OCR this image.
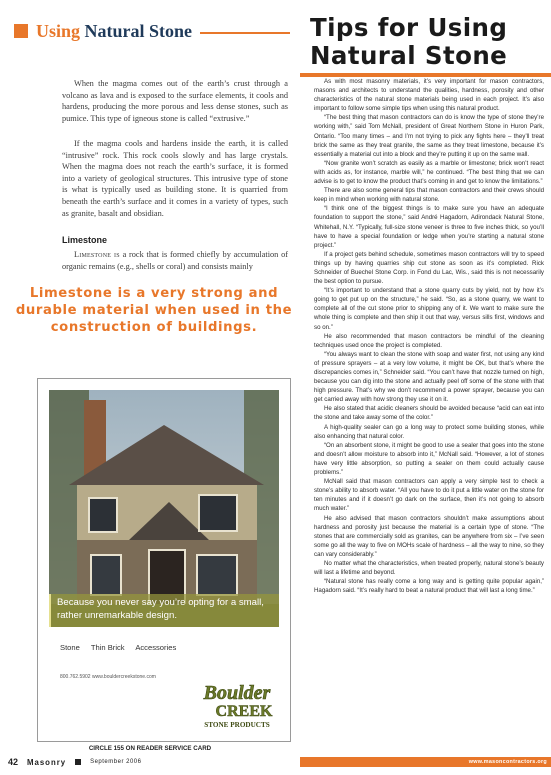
Using Natural Stone

When the magma comes out of the earth’s crust through a volcano as lava and is exposed to the surface elements, it cools and hardens, producing the more porous and less dense stones, such as pumice. This type of igneous stone is called “extrusive.”

If the magma cools and hardens inside the earth, it is called “intrusive” rock. This rock cools slowly and has large crystals. When the magma does not reach the earth’s surface, it is formed into a variety of geological structures. This intrusive type of stone is what is typically used as building stone. It is quarried from beneath the earth’s surface and it comes in a variety of types, such as granite, basalt and obsidian.

Limestone

Limestone is a rock that is formed chiefly by accumulation of organic remains (e.g., shells or coral) and consists mainly

Limestone is a very strong and durable material when used in the construction of buildings.
Because you never say you’re opting for a small, rather unremarkable design.
Stone Thin Brick Accessories
800.762.5902 www.bouldercreekstone.com
Boulder
CREEK
STONE PRODUCTS
CIRCLE 155 ON READER SERVICE CARD
42 Masonry	September 2006
Tips for Using
Natural Stone

As with most masonry materials, it’s very important for mason contractors, masons and architects to understand the qualities, hardness, porosity and other characteristics of the natural stone materials being used in each project. It’s also important to follow some simple tips when using this natural product.

“The best thing that mason contractors can do is know the type of stone they’re working with,” said Tom McNall, president of Great Northern Stone in Huron Park, Ontario. “Too many times – and I’m not trying to pick any fights here – they’ll treat brick the same as they treat granite, the same as they treat limestone, because it’s essentially a material cut into a block and they’re putting it up on the same wall.

“Now granite won’t scratch as easily as a marble or limestone; brick won’t react with acids as, for instance, marble will,” he continued. “The best thing that we can advise is to get to know the product that’s coming in and get to know the limitations.”

There are also some general tips that mason contractors and their crews should keep in mind when working with natural stone.

“I think one of the biggest things is to make sure you have an adequate foundation to support the stone,” said André Hagadorn, Adirondack Natural Stone, Whitehall, N.Y. “Typically, full-size stone veneer is three to five inches thick, so you’ll have to have a special foundation or ledge when you’re starting a natural stone project.”

If a project gets behind schedule, sometimes mason contractors will try to speed things up by having quarries ship cut stone as soon as it’s completed. Rick Schneider of Buechel Stone Corp. in Fond du Lac, Wis., said this is not necessarily the best option to pursue.

“It’s important to understand that a stone quarry cuts by yield, not by how it’s going to get put up on the structure,” he said. “So, as a stone quarry, we want to complete all of the cut stone prior to shipping any of it. We want to make sure the whole thing is complete and then ship it out that way, versus sills first, windows and so on.”

He also recommended that mason contractors be mindful of the cleaning techniques used once the project is completed.

“You always want to clean the stone with soap and water first, not using any kind of pressure sprayers – at a very low volume, it might be OK, but that’s where the discrepancies comes in,” Schneider said. “You can’t have that nozzle turned on high, because you can dig into the stone and actually peel off some of the stone with that high pressure. That’s why we don’t recommend a power sprayer, because you can get carried away with how strong they use it on it.

He also stated that acidic cleaners should be avoided because “acid can eat into the stone and take away some of the color.”

A high-quality sealer can go a long way to protect some building stones, while also enhancing that natural color.

“On an absorbent stone, it might be good to use a sealer that goes into the stone and doesn’t allow moisture to absorb into it,” McNall said. “However, a lot of stones have very little absorption, so putting a sealer on them could actually cause problems.”

McNall said that mason contractors can apply a very simple test to check a stone’s ability to absorb water. “All you have to do it put a little water on the stone for ten minutes and if it doesn’t go dark on the surface, then it’s not going to absorb much water.”

He also advised that mason contractors shouldn’t make assumptions about hardness and porosity just because the material is a certain type of stone. “The stones that are commercially sold as granites, can be anywhere from six – I’ve seen some go all the way to five on MOHs scale of hardness – all the way to nine, so they can vary considerably.”

No matter what the characteristics, when treated properly, natural stone’s beauty will last a lifetime and beyond.

“Natural stone has really come a long way and is getting quite popular again,” Hagadorn said. “It’s really hard to beat a natural product that will last a long time.”

www.masoncontractors.org
